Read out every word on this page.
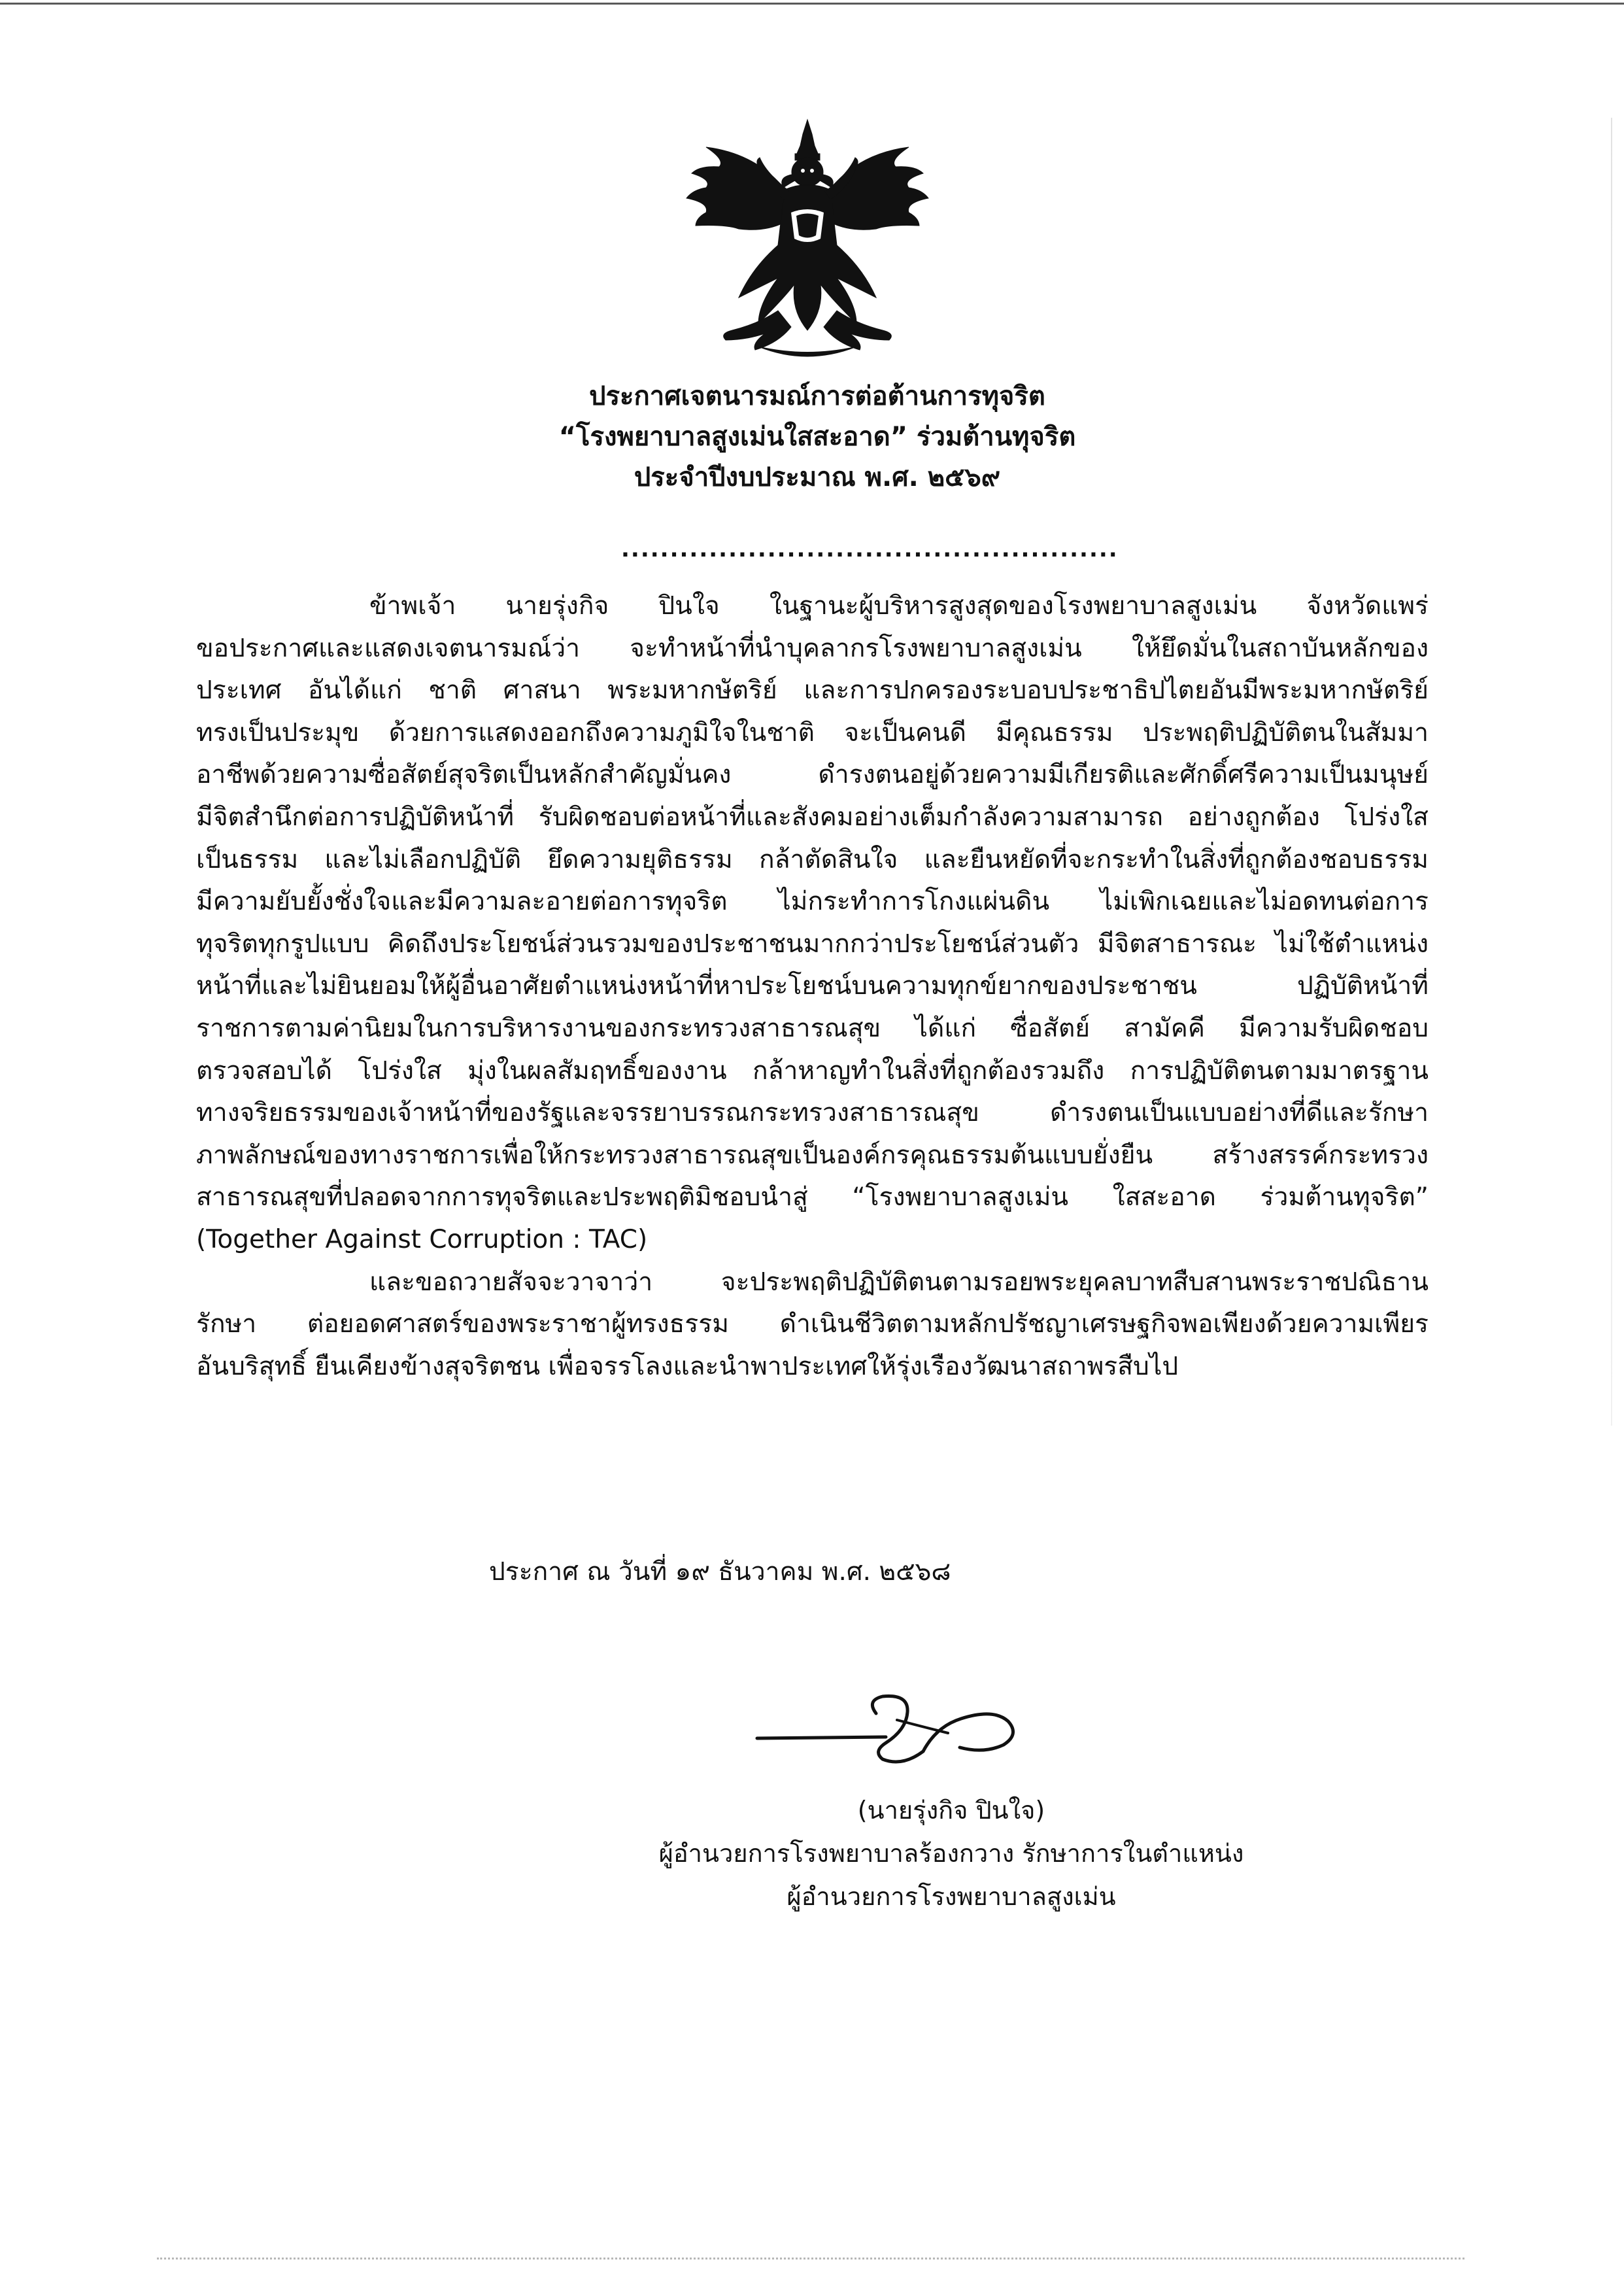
ประกาศเจตนารมณ์การต่อต้านการทุจริต
“โรงพยาบาลสูงเม่นใสสะอาด” ร่วมต้านทุจริต
ประจำปีงบประมาณ พ.ศ. ๒๕๖๙
...................................................
ข้าพเจ้า นายรุ่งกิจ ปินใจ ในฐานะผู้บริหารสูงสุดของโรงพยาบาลสูงเม่น จังหวัดแพร่
ขอประกาศและแสดงเจตนารมณ์ว่า จะทำหน้าที่นำบุคลากรโรงพยาบาลสูงเม่น ให้ยึดมั่นในสถาบันหลักของ
ประเทศ อันได้แก่ ชาติ ศาสนา พระมหากษัตริย์ และการปกครองระบอบประชาธิปไตยอันมีพระมหากษัตริย์
ทรงเป็นประมุข ด้วยการแสดงออกถึงความภูมิใจในชาติ จะเป็นคนดี มีคุณธรรม ประพฤติปฏิบัติตนในสัมมา
อาชีพด้วยความซื่อสัตย์สุจริตเป็นหลักสำคัญมั่นคง ดำรงตนอยู่ด้วยความมีเกียรติและศักดิ์ศรีความเป็นมนุษย์
มีจิตสำนึกต่อการปฏิบัติหน้าที่ รับผิดชอบต่อหน้าที่และสังคมอย่างเต็มกำลังความสามารถ อย่างถูกต้อง โปร่งใส
เป็นธรรม และไม่เลือกปฏิบัติ ยึดความยุติธรรม กล้าตัดสินใจ และยืนหยัดที่จะกระทำในสิ่งที่ถูกต้องชอบธรรม
มีความยับยั้งชั่งใจและมีความละอายต่อการทุจริต ไม่กระทำการโกงแผ่นดิน ไม่เพิกเฉยและไม่อดทนต่อการ
ทุจริตทุกรูปแบบ คิดถึงประโยชน์ส่วนรวมของประชาชนมากกว่าประโยชน์ส่วนตัว มีจิตสาธารณะ ไม่ใช้ตำแหน่ง
หน้าที่และไม่ยินยอมให้ผู้อื่นอาศัยตำแหน่งหน้าที่หาประโยชน์บนความทุกข์ยากของประชาชน ปฏิบัติหน้าที่
ราชการตามค่านิยมในการบริหารงานของกระทรวงสาธารณสุข ได้แก่ ซื่อสัตย์ สามัคคี มีความรับผิดชอบ
ตรวจสอบได้ โปร่งใส มุ่งในผลสัมฤทธิ์ของงาน กล้าหาญทำในสิ่งที่ถูกต้องรวมถึง การปฏิบัติตนตามมาตรฐาน
ทางจริยธรรมของเจ้าหน้าที่ของรัฐและจรรยาบรรณกระทรวงสาธารณสุข ดำรงตนเป็นแบบอย่างที่ดีและรักษา
ภาพลักษณ์ของทางราชการเพื่อให้กระทรวงสาธารณสุขเป็นองค์กรคุณธรรมต้นแบบยั่งยืน สร้างสรรค์กระทรวง
สาธารณสุขที่ปลอดจากการทุจริตและประพฤติมิชอบนำสู่ “โรงพยาบาลสูงเม่น ใสสะอาด ร่วมต้านทุจริต”
(Together Against Corruption : TAC)
และขอถวายสัจจะวาจาว่า จะประพฤติปฏิบัติตนตามรอยพระยุคลบาทสืบสานพระราชปณิธาน
รักษา ต่อยอดศาสตร์ของพระราชาผู้ทรงธรรม ดำเนินชีวิตตามหลักปรัชญาเศรษฐกิจพอเพียงด้วยความเพียร
อันบริสุทธิ์ ยืนเคียงข้างสุจริตชน เพื่อจรรโลงและนำพาประเทศให้รุ่งเรืองวัฒนาสถาพรสืบไป
ประกาศ ณ วันที่ ๑๙ ธันวาคม พ.ศ. ๒๕๖๘
(นายรุ่งกิจ ปินใจ)
ผู้อำนวยการโรงพยาบาลร้องกวาง รักษาการในตำแหน่ง
ผู้อำนวยการโรงพยาบาลสูงเม่น
